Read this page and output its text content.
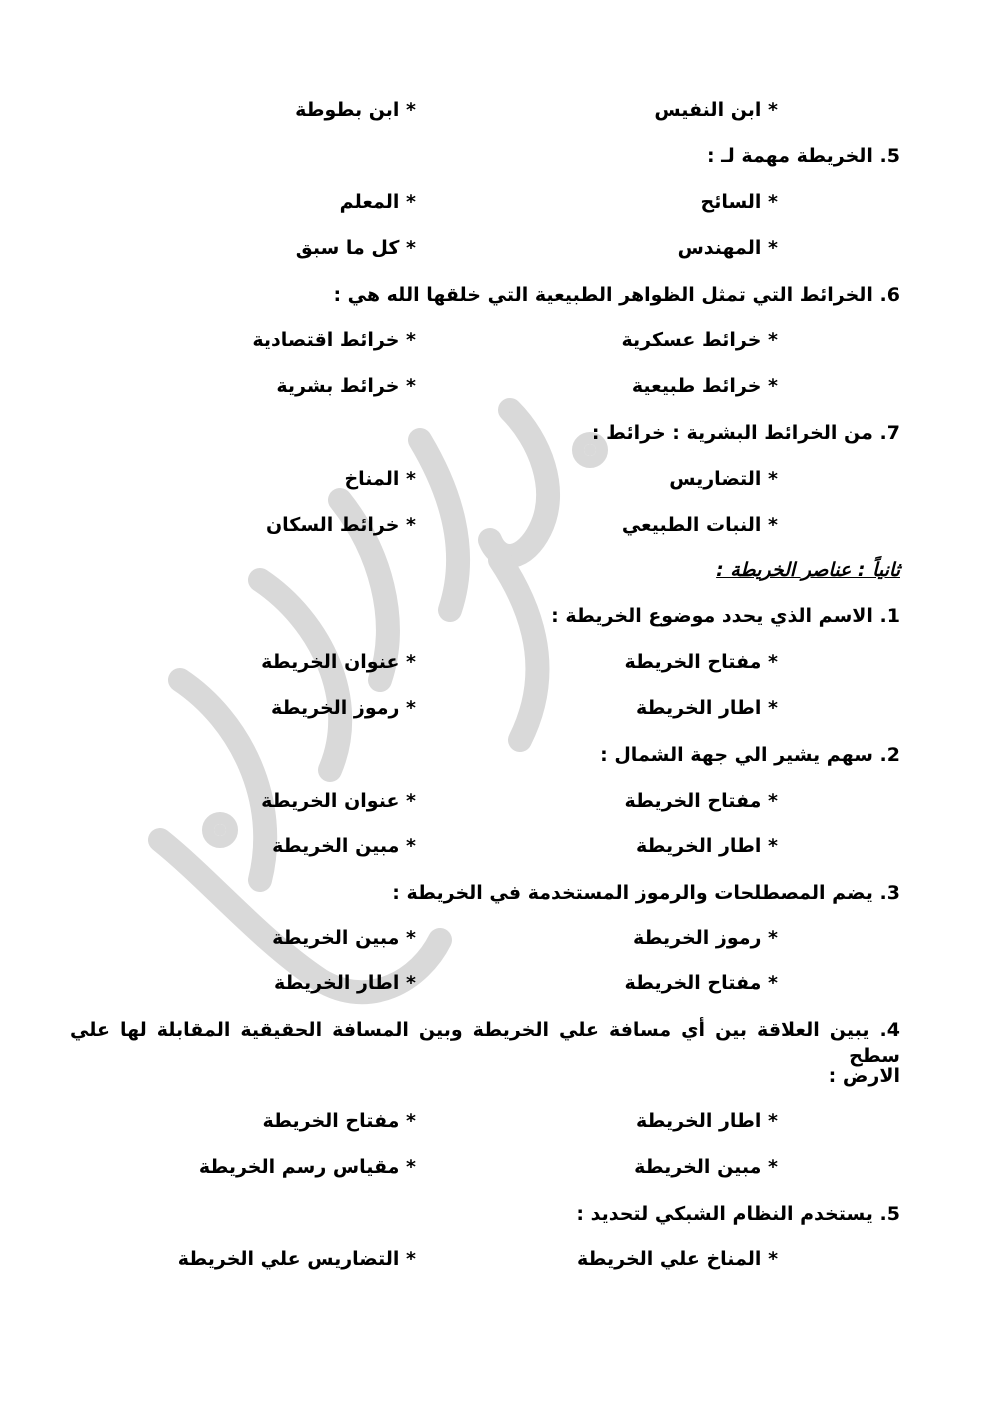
* ابن النفيس
* ابن بطوطة
5. الخريطة مهمة لـ :
* السائح
* المعلم
* المهندس
* كل ما سبق
6. الخرائط التي تمثل الظواهر الطبيعية التي خلقها الله هي :
* خرائط عسكرية
* خرائط اقتصادية
* خرائط طبيعية
* خرائط بشرية
7. من الخرائط البشرية : خرائط :
* التضاريس
* المناخ
* النبات الطبيعي
* خرائط السكان
ثانياً : عناصر الخريطة :
1. الاسم الذي يحدد موضوع الخريطة :
* مفتاح الخريطة
* عنوان الخريطة
* اطار الخريطة
* رموز الخريطة
2. سهم يشير الي جهة الشمال :
* مفتاح الخريطة
* عنوان الخريطة
* اطار الخريطة
* مبين الخريطة
3. يضم المصطلحات والرموز المستخدمة في الخريطة :
* رموز الخريطة
* مبين الخريطة
* مفتاح الخريطة
* اطار الخريطة
4. يبين العلاقة بين أي مسافة علي الخريطة وبين المسافة الحقيقية المقابلة لها علي سطح
الارض :
* اطار الخريطة
* مفتاح الخريطة
* مبين الخريطة
* مقياس رسم الخريطة
5. يستخدم النظام الشبكي لتحديد :
* المناخ علي الخريطة
* التضاريس علي الخريطة
